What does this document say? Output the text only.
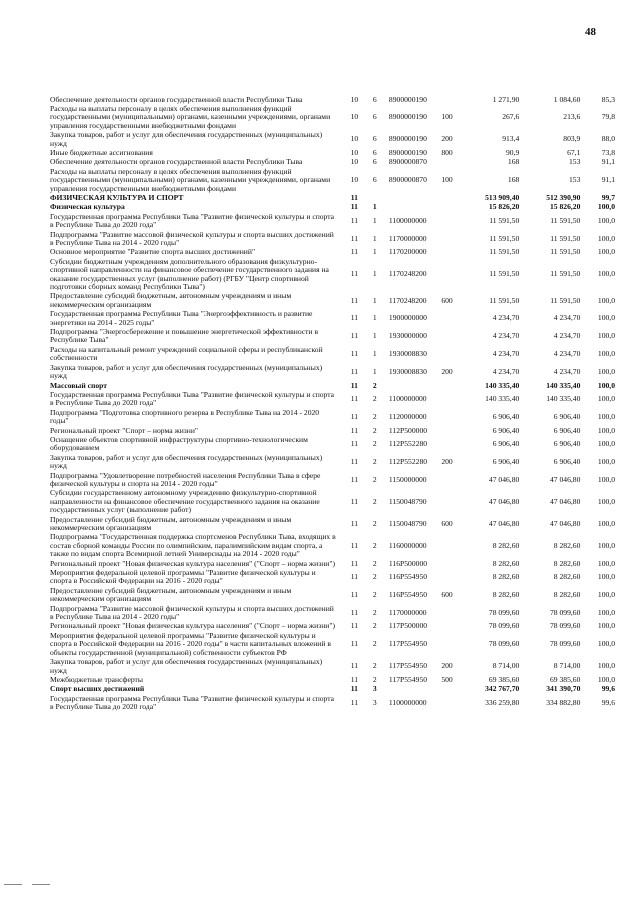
48
Обеспечение деятельности органов государственной власти Республики Тыва	10	6	8900000190		1 271,90	1 084,60	85,3
Расходы на выплаты персоналу в целях обеспечения выполнения функций государственными (муниципальными) органами, казенными учреждениями, органами управления государственными внебюджетными фондами	10	6	8900000190	100	267,6	213,6	79,8
Закупка товаров, работ и услуг для обеспечения государственных (муниципальных) нужд	10	6	8900000190	200	913,4	803,9	88,0
Иные бюджетные ассигнования	10	6	8900000190	800	90,9	67,1	73,8
Обеспечение деятельности органов государственной власти Республики Тыва	10	6	8900000870		168	153	91,1
Расходы на выплаты персоналу в целях обеспечения выполнения функций государственными (муниципальными) органами, казенными учреждениями, органами управления государственными внебюджетными фондами	10	6	8900000870	100	168	153	91,1
ФИЗИЧЕСКАЯ КУЛЬТУРА И СПОРТ	11				513 909,40	512 390,90	99,7
Физическая культура	11	1			15 826,20	15 826,20	100,0
Государственная программа Республики Тыва "Развитие физической культуры и спорта в Республике Тыва до 2020 года"	11	1	1100000000		11 591,50	11 591,50	100,0
Подпрограмма "Развитие массовой физической культуры и спорта высших достижений в Республике Тыва на 2014 - 2020 годы"	11	1	1170000000		11 591,50	11 591,50	100,0
Основное мероприятие "Развитие спорта высших достижений"	11	1	1170200000		11 591,50	11 591,50	100,0
Субсидии бюджетным учреждениям дополнительного образования физкультурно-спортивной направленности на финансовое обеспечение государственного задания на оказание государственных услуг (выполнение работ) (РГБУ "Центр спортивной подготовки сборных команд Республики Тыва")	11	1	1170248200		11 591,50	11 591,50	100,0
Предоставление субсидий бюджетным, автономным учреждениям и иным некоммерческим организациям	11	1	1170248200	600	11 591,50	11 591,50	100,0
Государственная программа Республики Тыва "Энергоэффективность и развитие энергетики на 2014 - 2025 годы"	11	1	1900000000		4 234,70	4 234,70	100,0
Подпрограмма "Энергосбережение и повышение энергетической эффективности в Республике Тыва"	11	1	1930000000		4 234,70	4 234,70	100,0
Расходы на капитальный ремонт учреждений социальной сферы и республиканской собственности	11	1	1930008830		4 234,70	4 234,70	100,0
Закупка товаров, работ и услуг для обеспечения государственных (муниципальных) нужд	11	1	1930008830	200	4 234,70	4 234,70	100,0
Массовый спорт	11	2			140 335,40	140 335,40	100,0
Государственная программа Республики Тыва "Развитие физической культуры и спорта в Республике Тыва до 2020 года"	11	2	1100000000		140 335,40	140 335,40	100,0
Подпрограмма "Подготовка спортивного резерва в Республике Тыва на 2014 - 2020 годы"	11	2	1120000000		6 906,40	6 906,40	100,0
Региональный проект "Спорт – норма жизни"	11	2	112P500000		6 906,40	6 906,40	100,0
Оснащение объектов спортивной инфраструктуры спортивно-технологическим оборудованием	11	2	112P552280		6 906,40	6 906,40	100,0
Закупка товаров, работ и услуг для обеспечения государственных (муниципальных) нужд	11	2	112P552280	200	6 906,40	6 906,40	100,0
Подпрограмма "Удовлетворение потребностей населения Республики Тыва в сфере физической культуры и спорта на 2014 - 2020 годы"	11	2	1150000000		47 046,80	47 046,80	100,0
Субсидии государственному автономному учреждению физкультурно-спортивной направленности на финансовое обеспечение государственного задания на оказание государственных услуг (выполнение работ)	11	2	1150048790		47 046,80	47 046,80	100,0
Предоставление субсидий бюджетным, автономным учреждениям и иным некоммерческим организациям	11	2	1150048790	600	47 046,80	47 046,80	100,0
Подпрограмма "Государственная поддержка спортсменов Республики Тыва, входящих в состав сборной команды России по олимпийским, паралимпийским видам спорта, а также по видам спорта Всемирной летней Универсиады на 2014 - 2020 годы"	11	2	1160000000		8 282,60	8 282,60	100,0
Региональный проект "Новая физическая культура населения" ("Спорт – норма жизни")	11	2	116P500000		8 282,60	8 282,60	100,0
Мероприятия федеральной целевой программы "Развитие физической культуры и спорта в Российской Федерации на 2016 - 2020 годы"	11	2	116P554950		8 282,60	8 282,60	100,0
Предоставление субсидий бюджетным, автономным учреждениям и иным некоммерческим организациям	11	2	116P554950	600	8 282,60	8 282,60	100,0
Подпрограмма "Развитие массовой физической культуры и спорта высших достижений в Республике Тыва на 2014 - 2020 годы"	11	2	1170000000		78 099,60	78 099,60	100,0
Региональный проект "Новая физическая культура населения" ("Спорт – норма жизни")	11	2	117P500000		78 099,60	78 099,60	100,0
Мероприятия федеральной целевой программы "Развитие физической культуры и спорта в Российской Федерации на 2016 - 2020 годы" в части капитальных вложений в объекты государственной (муниципальной) собственности субъектов РФ	11	2	117P554950		78 099,60	78 099,60	100,0
Закупка товаров, работ и услуг для обеспечения государственных (муниципальных) нужд	11	2	117P554950	200	8 714,00	8 714,00	100,0
Межбюджетные трансферты	11	2	117P554950	500	69 385,60	69 385,60	100,0
Спорт высших достижений	11	3			342 767,70	341 390,70	99,6
Государственная программа Республики Тыва "Развитие физической культуры и спорта в Республике Тыва до 2020 года"	11	3	1100000000		336 259,80	334 882,80	99,6
